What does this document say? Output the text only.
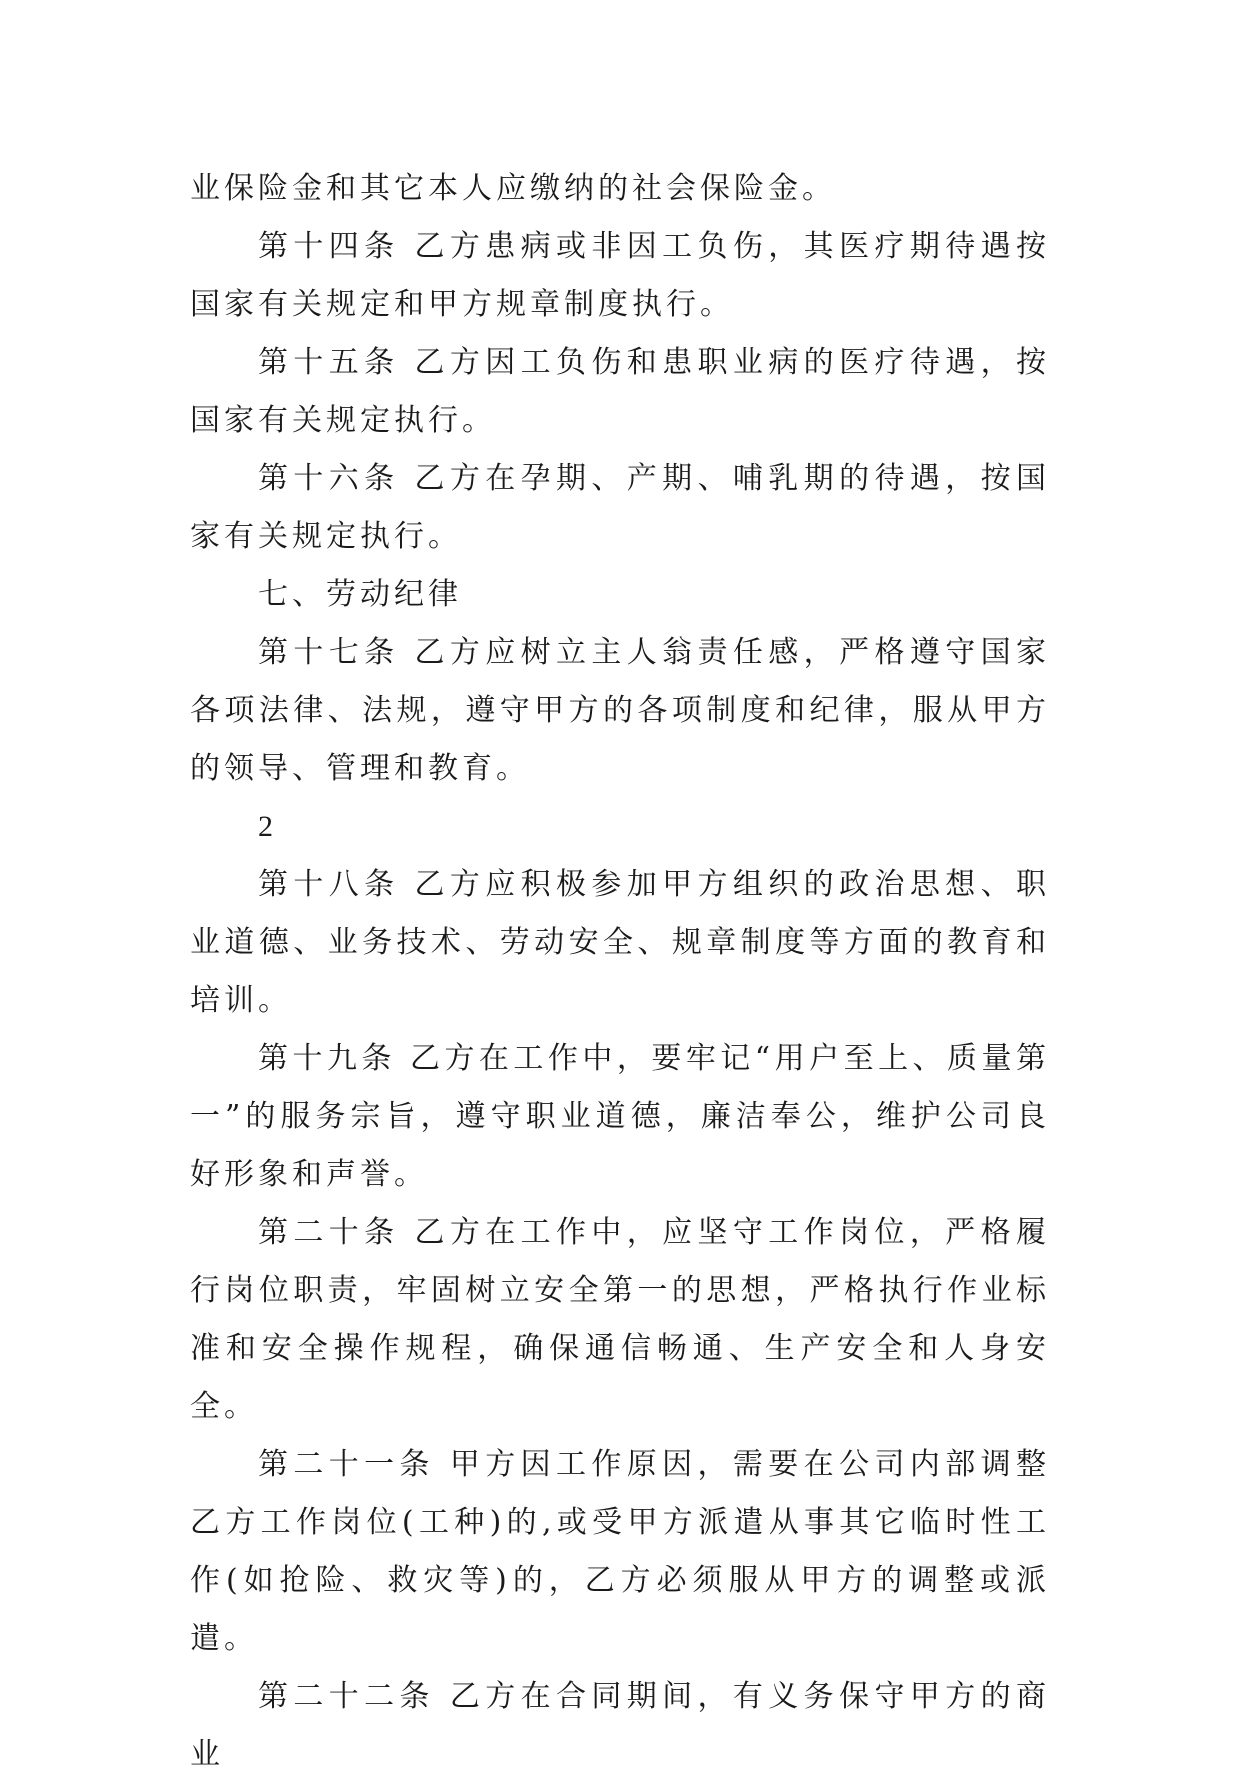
业保险金和其它本人应缴纳的社会保险金。

第十四条 乙方患病或非因工负伤，其医疗期待遇按国家有关规定和甲方规章制度执行。

第十五条 乙方因工负伤和患职业病的医疗待遇，按国家有关规定执行。

第十六条 乙方在孕期、产期、哺乳期的待遇，按国家有关规定执行。

七、劳动纪律

第十七条 乙方应树立主人翁责任感，严格遵守国家各项法律、法规，遵守甲方的各项制度和纪律，服从甲方的领导、管理和教育。

2

第十八条 乙方应积极参加甲方组织的政治思想、职业道德、业务技术、劳动安全、规章制度等方面的教育和培训。

第十九条 乙方在工作中，要牢记“用户至上、质量第一”的服务宗旨，遵守职业道德，廉洁奉公，维护公司良好形象和声誉。

第二十条 乙方在工作中，应坚守工作岗位，严格履行岗位职责，牢固树立安全第一的思想，严格执行作业标准和安全操作规程，确保通信畅通、生产安全和人身安全。

第二十一条 甲方因工作原因，需要在公司内部调整乙方工作岗位(工种)的,或受甲方派遣从事其它临时性工作(如抢险、救灾等)的，乙方必须服从甲方的调整或派遣。

第二十二条 乙方在合同期间，有义务保守甲方的商业
